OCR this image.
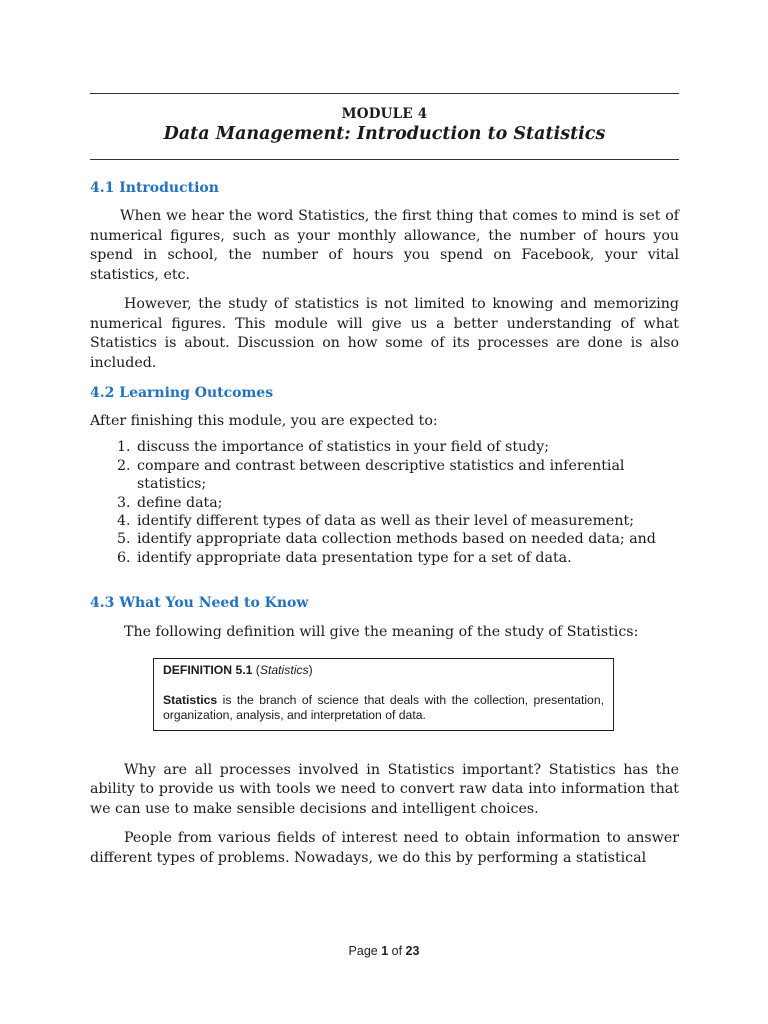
MODULE 4
Data Management: Introduction to Statistics
4.1 Introduction

When we hear the word Statistics, the first thing that comes to mind is set of numerical figures, such as your monthly allowance, the number of hours you spend in school, the number of hours you spend on Facebook, your vital statistics, etc.

However, the study of statistics is not limited to knowing and memorizing numerical figures. This module will give us a better understanding of what Statistics is about. Discussion on how some of its processes are done is also included.

4.2 Learning Outcomes

After finishing this module, you are expected to:

1. discuss the importance of statistics in your field of study;
2. compare and contrast between descriptive statistics and inferential statistics;
3. define data;
4. identify different types of data as well as their level of measurement;
5. identify appropriate data collection methods based on needed data; and
6. identify appropriate data presentation type for a set of data.
4.3 What You Need to Know

The following definition will give the meaning of the study of Statistics:

DEFINITION 5.1 (Statistics)

Statistics is the branch of science that deals with the collection, presentation, organization, analysis, and interpretation of data.

Why are all processes involved in Statistics important? Statistics has the ability to provide us with tools we need to convert raw data into information that we can use to make sensible decisions and intelligent choices.

People from various fields of interest need to obtain information to answer different types of problems. Nowadays, we do this by performing a statistical

Page 1 of 23
